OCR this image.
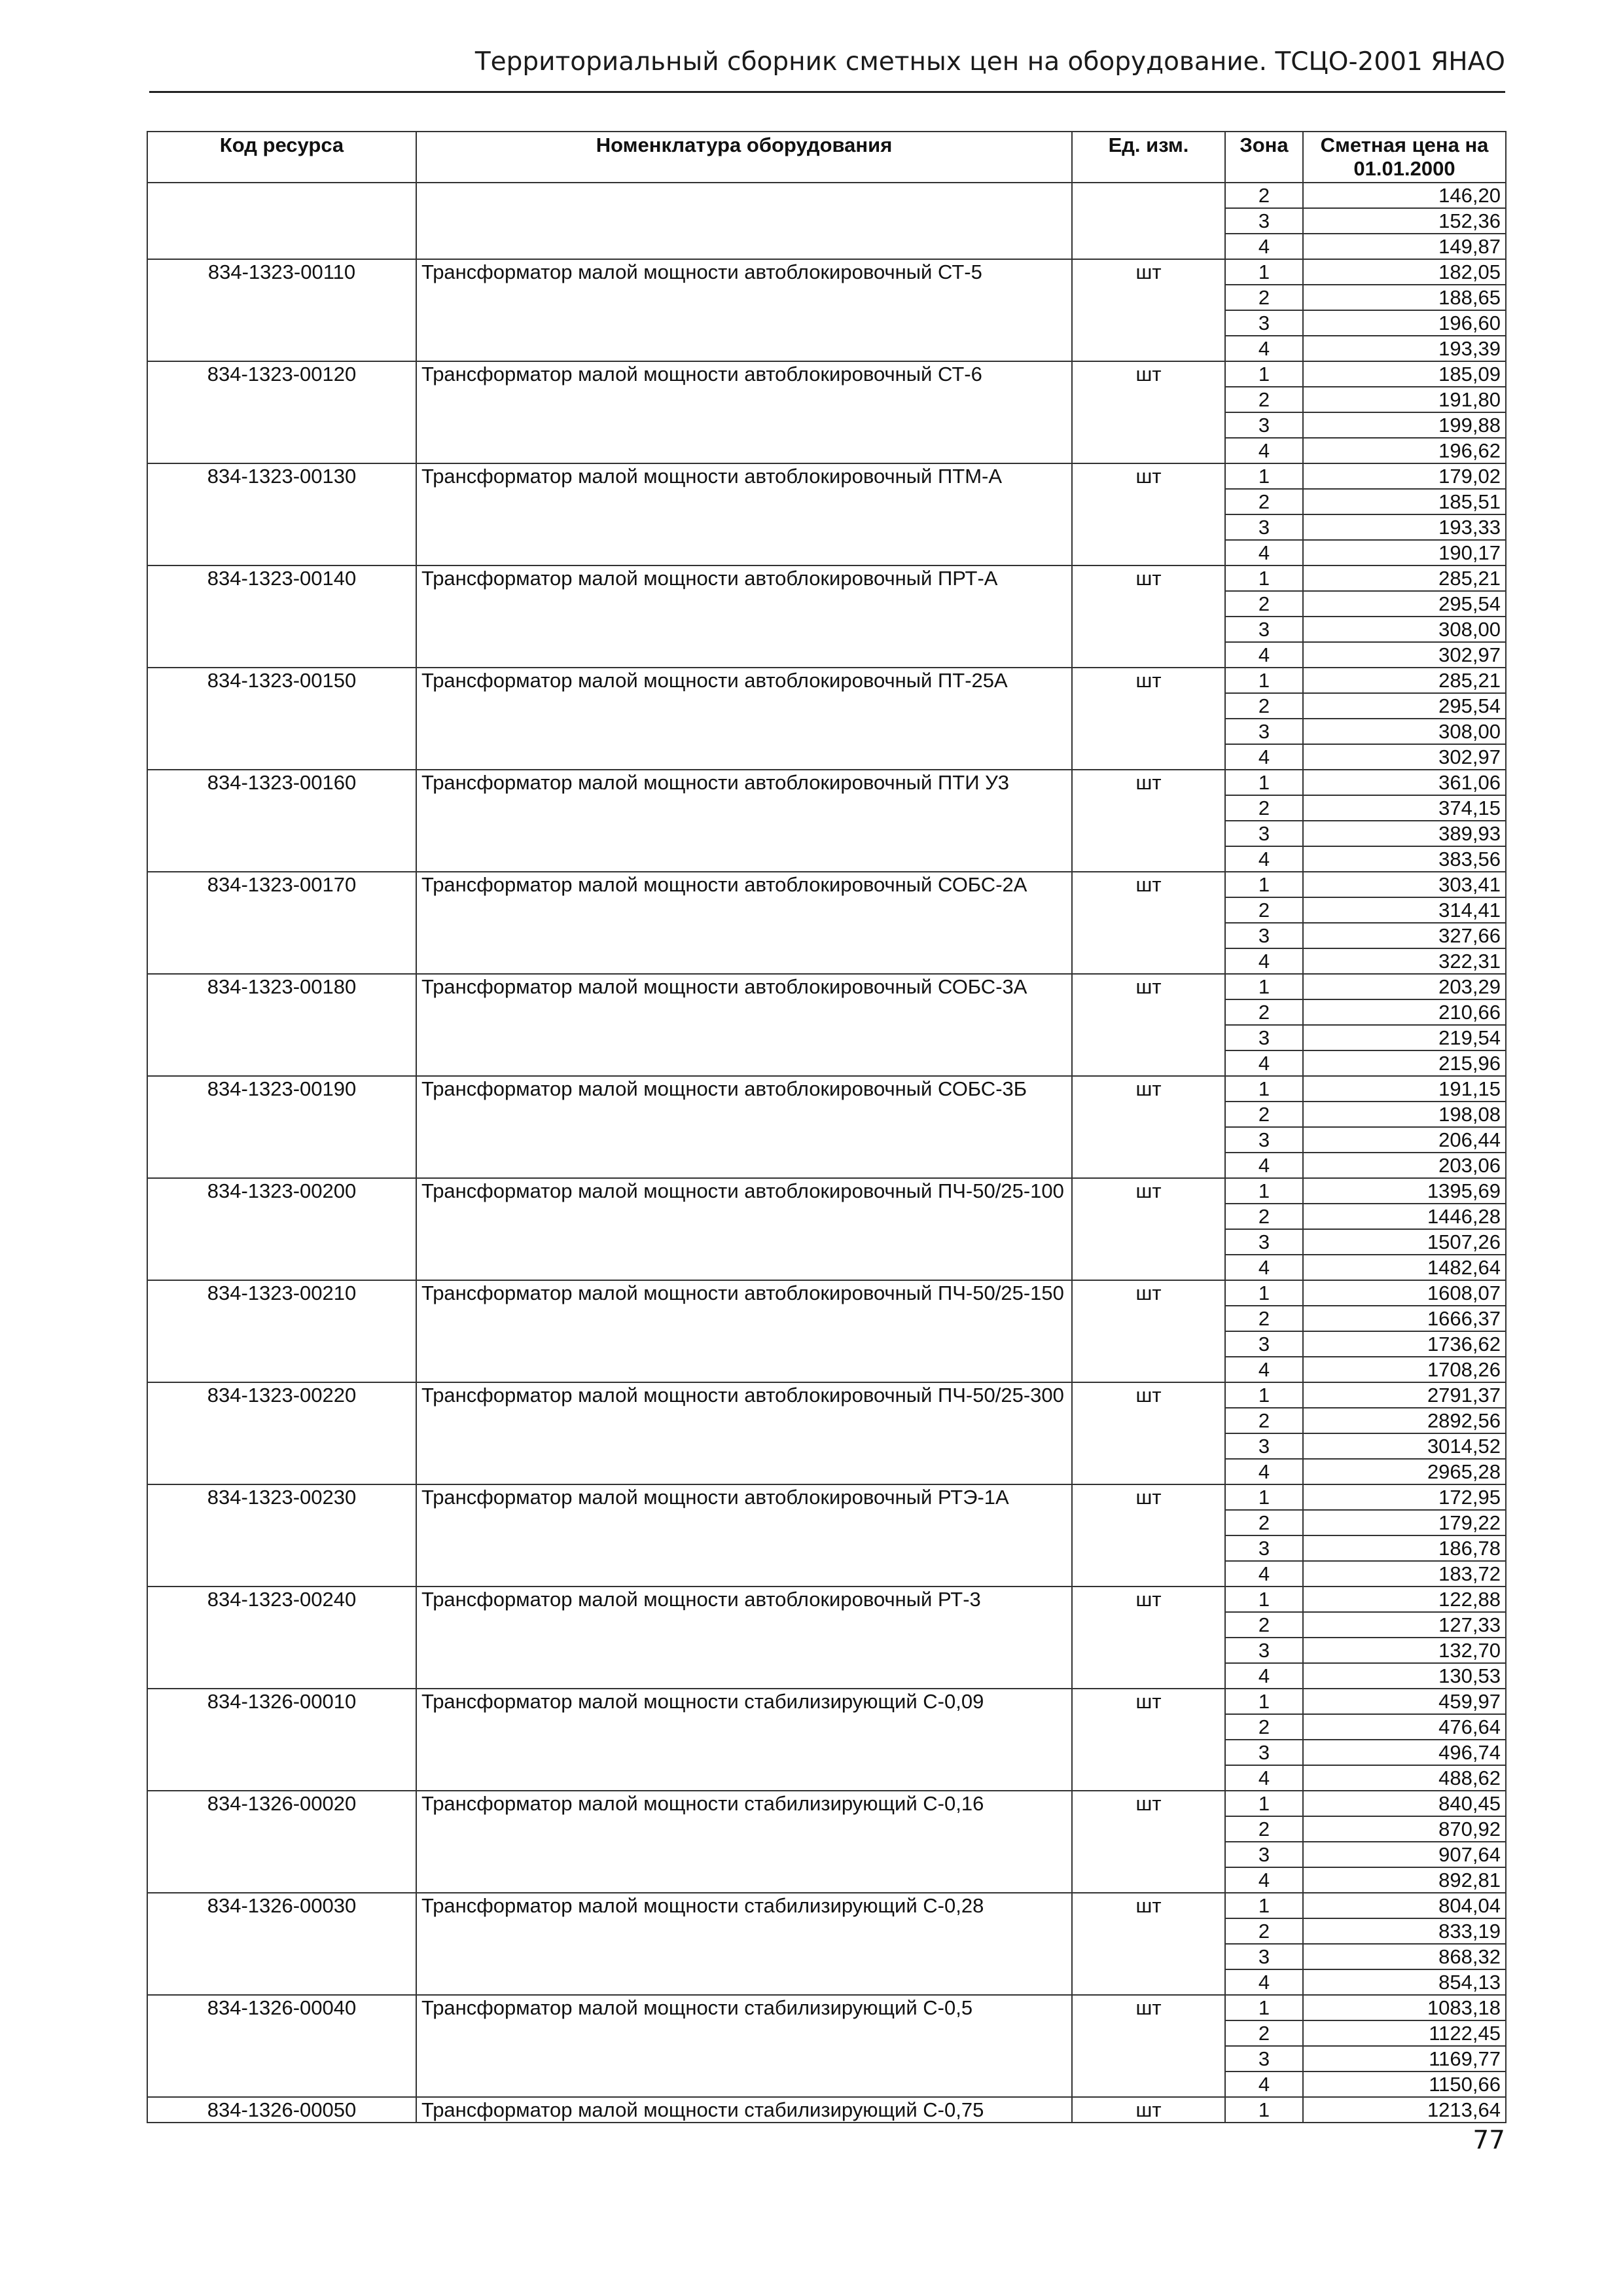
Территориальный сборник сметных цен на оборудование. ТСЦО-2001 ЯНАО
Код ресурса	Номенклатура оборудования	Ед. изм.	Зона	Сметная цена на 01.01.2000
			2	146,20
			3	152,36
			4	149,87
834-1323-00110	Трансформатор малой мощности автоблокировочный СТ-5	шт	1	182,05
			2	188,65
			3	196,60
			4	193,39
834-1323-00120	Трансформатор малой мощности автоблокировочный СТ-6	шт	1	185,09
			2	191,80
			3	199,88
			4	196,62
834-1323-00130	Трансформатор малой мощности автоблокировочный ПТМ-А	шт	1	179,02
			2	185,51
			3	193,33
			4	190,17
834-1323-00140	Трансформатор малой мощности автоблокировочный ПРТ-А	шт	1	285,21
			2	295,54
			3	308,00
			4	302,97
834-1323-00150	Трансформатор малой мощности автоблокировочный ПТ-25А	шт	1	285,21
			2	295,54
			3	308,00
			4	302,97
834-1323-00160	Трансформатор малой мощности автоблокировочный ПТИ У3	шт	1	361,06
			2	374,15
			3	389,93
			4	383,56
834-1323-00170	Трансформатор малой мощности автоблокировочный СОБС-2А	шт	1	303,41
			2	314,41
			3	327,66
			4	322,31
834-1323-00180	Трансформатор малой мощности автоблокировочный СОБС-3А	шт	1	203,29
			2	210,66
			3	219,54
			4	215,96
834-1323-00190	Трансформатор малой мощности автоблокировочный СОБС-3Б	шт	1	191,15
			2	198,08
			3	206,44
			4	203,06
834-1323-00200	Трансформатор малой мощности автоблокировочный ПЧ-50/25-100	шт	1	1395,69
			2	1446,28
			3	1507,26
			4	1482,64
834-1323-00210	Трансформатор малой мощности автоблокировочный ПЧ-50/25-150	шт	1	1608,07
			2	1666,37
			3	1736,62
			4	1708,26
834-1323-00220	Трансформатор малой мощности автоблокировочный ПЧ-50/25-300	шт	1	2791,37
			2	2892,56
			3	3014,52
			4	2965,28
834-1323-00230	Трансформатор малой мощности автоблокировочный РТЭ-1А	шт	1	172,95
			2	179,22
			3	186,78
			4	183,72
834-1323-00240	Трансформатор малой мощности автоблокировочный РТ-3	шт	1	122,88
			2	127,33
			3	132,70
			4	130,53
834-1326-00010	Трансформатор малой мощности стабилизирующий С-0,09	шт	1	459,97
			2	476,64
			3	496,74
			4	488,62
834-1326-00020	Трансформатор малой мощности стабилизирующий С-0,16	шт	1	840,45
			2	870,92
			3	907,64
			4	892,81
834-1326-00030	Трансформатор малой мощности стабилизирующий С-0,28	шт	1	804,04
			2	833,19
			3	868,32
			4	854,13
834-1326-00040	Трансформатор малой мощности стабилизирующий С-0,5	шт	1	1083,18
			2	1122,45
			3	1169,77
			4	1150,66
834-1326-00050	Трансформатор малой мощности стабилизирующий С-0,75	шт	1	1213,64
77
